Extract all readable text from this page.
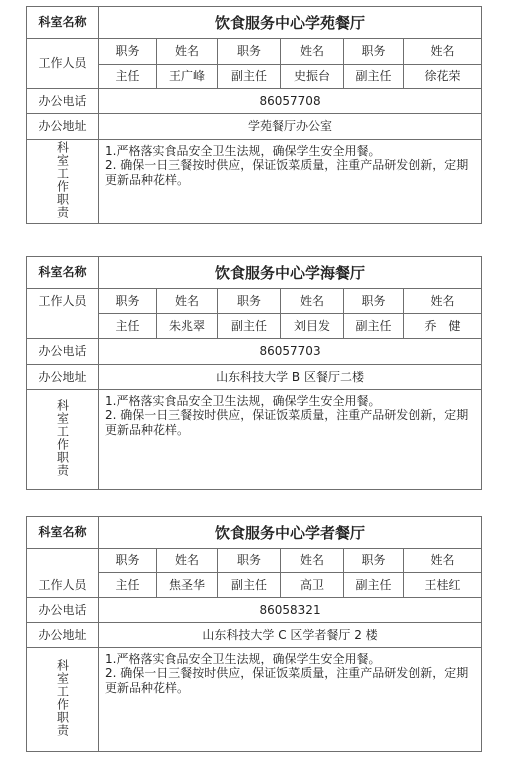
科室名称	饮食服务中心学苑餐厅					
工作人员	职务	姓名	职务	姓名	职务	姓名
	主任	王广峰	副主任	史振台	副主任	徐花荣
办公电话	86057708					
办公地址	学苑餐厅办公室					
科室工作职责	1.严格落实食品安全卫生法规，确保学生安全用餐。
2. 确保一日三餐按时供应，保证饭菜质量，注重产品研发创新，定期更新品种花样。					
科室名称	饮食服务中心学海餐厅					
工作人员	职务	姓名	职务	姓名	职务	姓名
	主任	朱兆翠	副主任	刘目发	副主任	乔　健
办公电话	86057703					
办公地址	山东科技大学 B 区餐厅二楼					
科室工作职责	1.严格落实食品安全卫生法规，确保学生安全用餐。
2. 确保一日三餐按时供应，保证饭菜质量，注重产品研发创新，定期更新品种花样。					
科室名称	饮食服务中心学者餐厅					
工作人员	职务	姓名	职务	姓名	职务	姓名
	主任	焦圣华	副主任	高卫	副主任	王桂红
办公电话	86058321					
办公地址	山东科技大学 C 区学者餐厅 2 楼					
科室工作职责	1.严格落实食品安全卫生法规，确保学生安全用餐。
2. 确保一日三餐按时供应，保证饭菜质量，注重产品研发创新，定期更新品种花样。					
